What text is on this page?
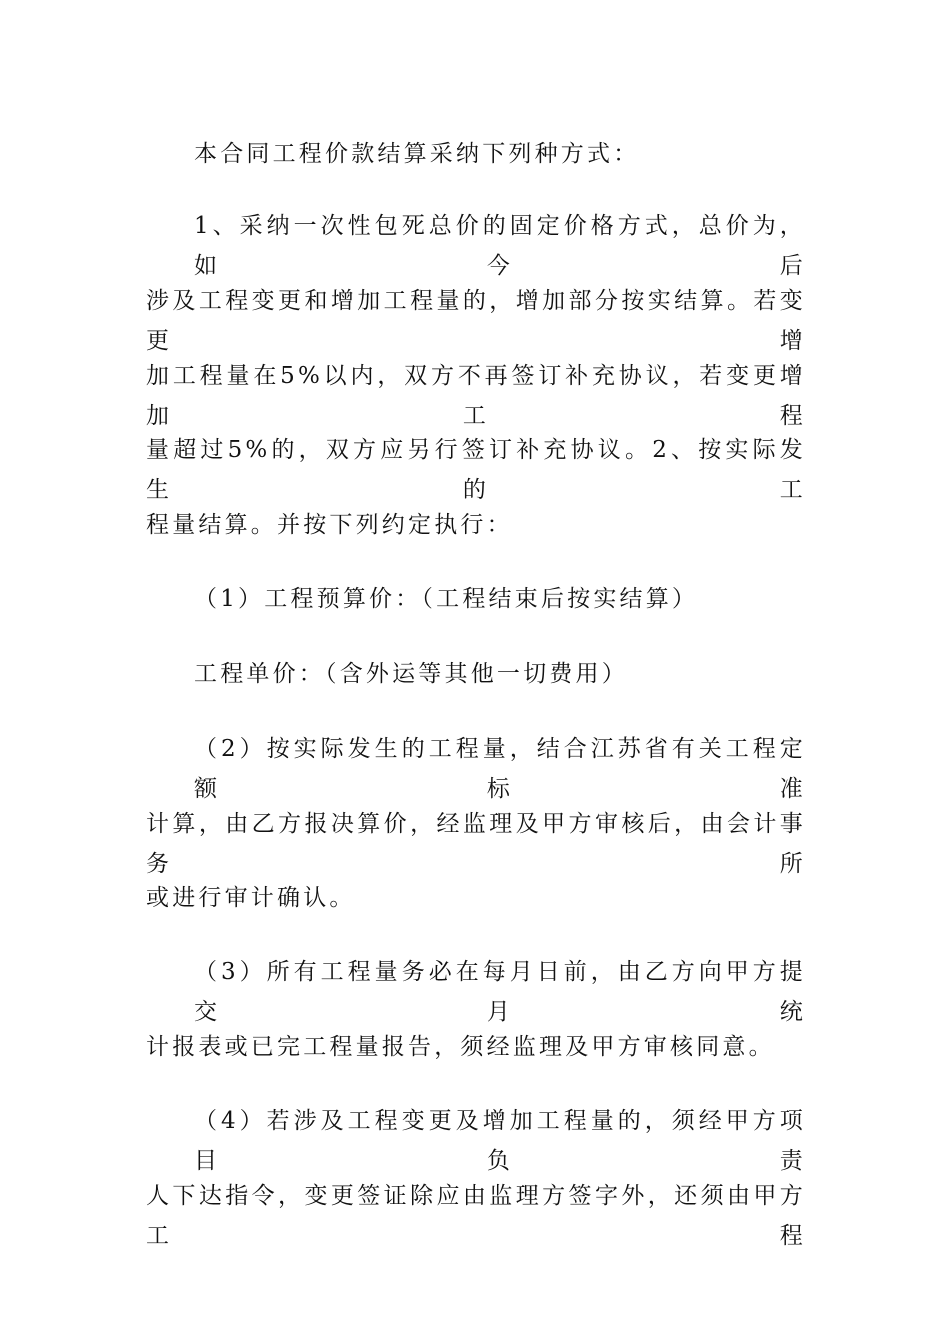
本合同工程价款结算采纳下列种方式：
1、采纳一次性包死总价的固定价格方式，总价为，如今后
涉及工程变更和增加工程量的，增加部分按实结算。若变更增
加工程量在5%以内，双方不再签订补充协议，若变更增加工程
量超过5%的，双方应另行签订补充协议。2、按实际发生的工
程量结算。并按下列约定执行：
（1）工程预算价：（工程结束后按实结算）
工程单价：（含外运等其他一切费用）
（2）按实际发生的工程量，结合江苏省有关工程定额标准
计算，由乙方报决算价，经监理及甲方审核后，由会计事务所
或进行审计确认。
（3）所有工程量务必在每月日前，由乙方向甲方提交月统
计报表或已完工程量报告，须经监理及甲方审核同意。
（4）若涉及工程变更及增加工程量的，须经甲方项目负责
人下达指令，变更签证除应由监理方签字外，还须由甲方工程
